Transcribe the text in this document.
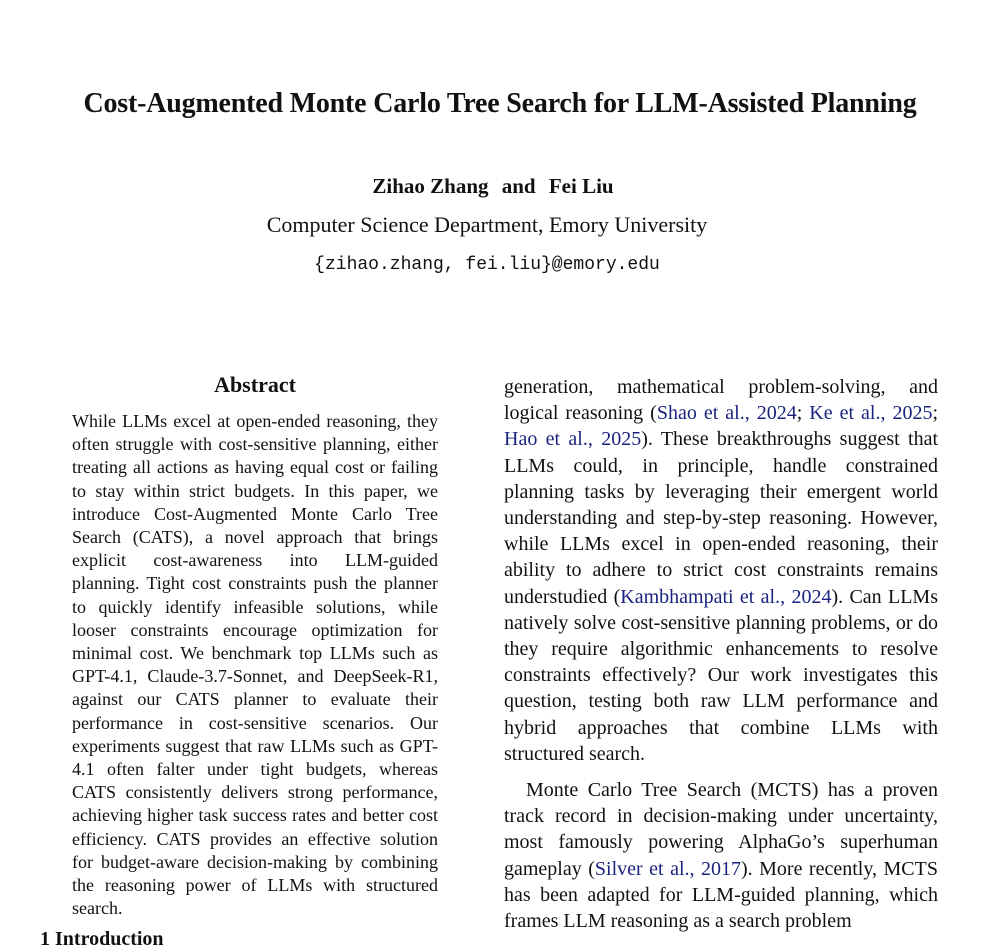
Cost-Augmented Monte Carlo Tree Search for LLM-Assisted Planning
Zihao Zhang and Fei Liu
Computer Science Department, Emory University
{zihao.zhang, fei.liu}@emory.edu
Abstract
While LLMs excel at open-ended reasoning, they often struggle with cost-sensitive planning, either treating all actions as having equal cost or failing to stay within strict budgets. In this paper, we introduce Cost-Augmented Monte Carlo Tree Search (CATS), a novel approach that brings explicit cost-awareness into LLM-guided planning. Tight cost constraints push the planner to quickly identify infeasible solutions, while looser constraints encourage optimization for minimal cost. We benchmark top LLMs such as GPT-4.1, Claude-3.7-Sonnet, and DeepSeek-R1, against our CATS planner to evaluate their performance in cost-sensitive scenarios. Our experiments suggest that raw LLMs such as GPT-4.1 often falter under tight budgets, whereas CATS consistently delivers strong performance, achieving higher task success rates and better cost efficiency. CATS provides an effective solution for budget-aware decision-making by combining the reasoning power of LLMs with structured search.

generation, mathematical problem-solving, and logical reasoning (Shao et al., 2024; Ke et al., 2025; Hao et al., 2025). These breakthroughs suggest that LLMs could, in principle, handle constrained planning tasks by leveraging their emergent world understanding and step-by-step reasoning. However, while LLMs excel in open-ended reasoning, their ability to adhere to strict cost constraints remains understudied (Kambhampati et al., 2024). Can LLMs natively solve cost-sensitive planning problems, or do they require algorithmic enhancements to resolve constraints effectively? Our work investigates this question, testing both raw LLM performance and hybrid approaches that combine LLMs with structured search.

Monte Carlo Tree Search (MCTS) has a proven track record in decision-making under uncertainty, most famously powering AlphaGo’s superhuman gameplay (Silver et al., 2017). More recently, MCTS has been adapted for LLM-guided planning, which frames LLM reasoning as a search problem

1 Introduction
